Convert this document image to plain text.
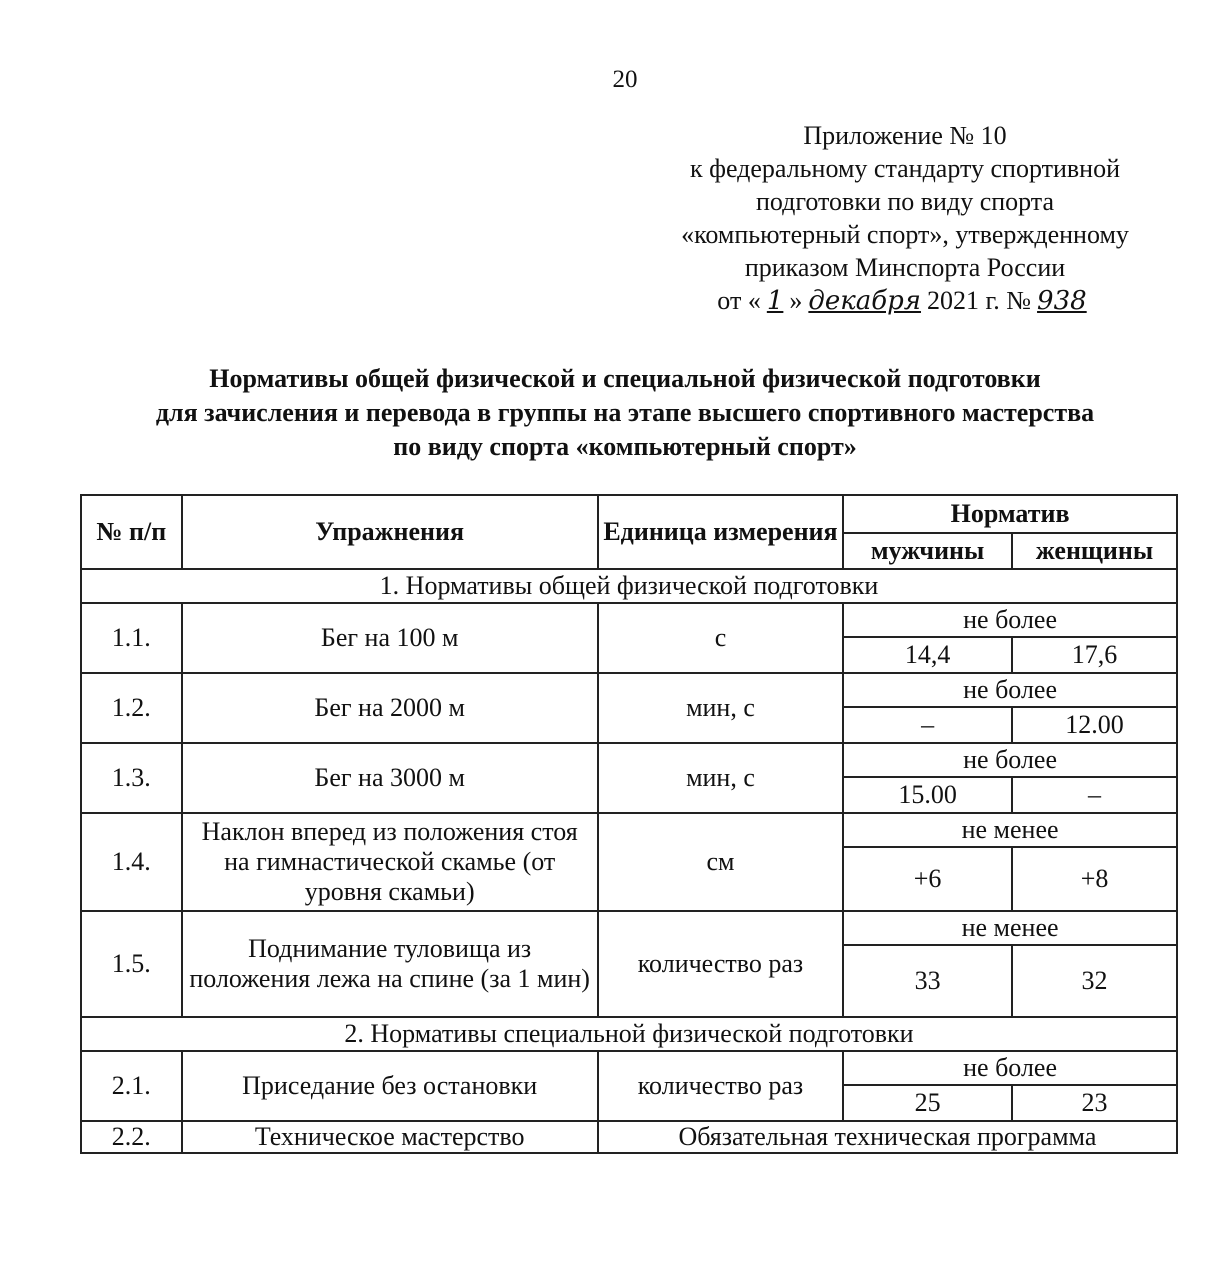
20
Приложение № 10
к федеральному стандарту спортивной
подготовки по виду спорта
«компьютерный спорт», утвержденному
приказом Минспорта России
от « 1 » декабря 2021 г. № 938
Нормативы общей физической и специальной физической подготовки
для зачисления и перевода в группы на этапе высшего спортивного мастерства
по виду спорта «компьютерный спорт»
№ п/п	Упражнения	Единица измерения	Норматив	
			мужчины	женщины
1. Нормативы общей физической подготовки				
1.1.	Бег на 100 м	с	не более	
			14,4	17,6
1.2.	Бег на 2000 м	мин, с	не более	
			–	12.00
1.3.	Бег на 3000 м	мин, с	не более	
			15.00	–
1.4.	Наклон вперед из положения стоя на гимнастической скамье (от уровня скамьи)	см	не менее	
			+6	+8
1.5.	Поднимание туловища из положения лежа на спине (за 1 мин)	количество раз	не менее	
			33	32
2. Нормативы специальной физической подготовки				
2.1.	Приседание без остановки	количество раз	не более	
			25	23
2.2.	Техническое мастерство	Обязательная техническая программа		
